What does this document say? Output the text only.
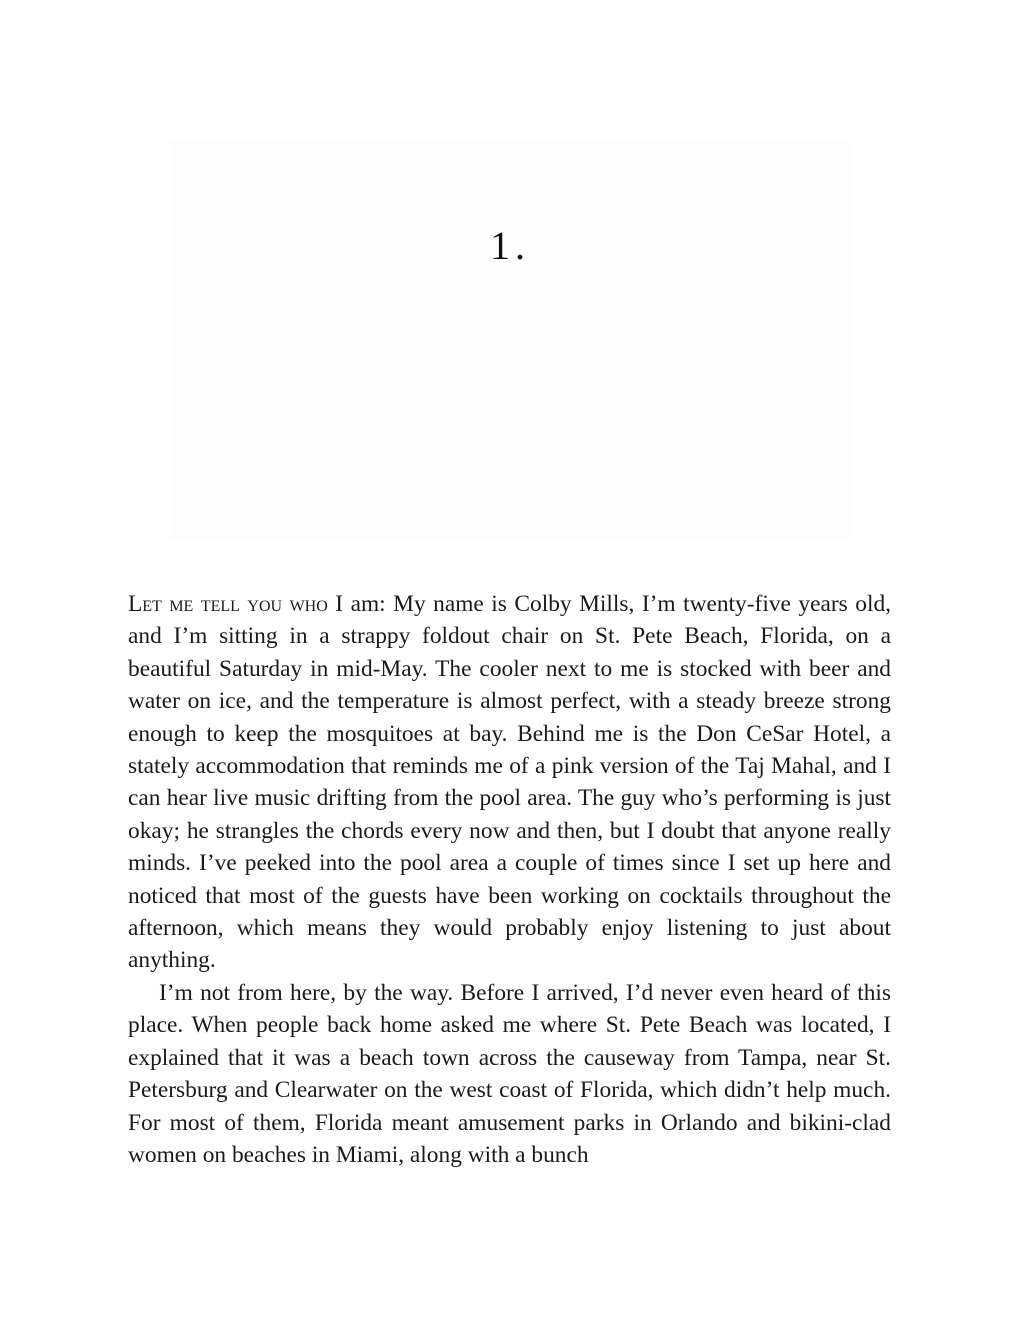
1.

Let me tell you who I am: My name is Colby Mills, I’m twenty-five years old, and I’m sitting in a strappy foldout chair on St. Pete Beach, Florida, on a beautiful Saturday in mid-May. The cooler next to me is stocked with beer and water on ice, and the temperature is almost perfect, with a steady breeze strong enough to keep the mosquitoes at bay. Behind me is the Don CeSar Hotel, a stately accommodation that reminds me of a pink version of the Taj Mahal, and I can hear live music drifting from the pool area. The guy who’s performing is just okay; he strangles the chords every now and then, but I doubt that anyone really minds. I’ve peeked into the pool area a couple of times since I set up here and noticed that most of the guests have been working on cocktails throughout the afternoon, which means they would probably enjoy listening to just about anything.

I’m not from here, by the way. Before I arrived, I’d never even heard of this place. When people back home asked me where St. Pete Beach was located, I explained that it was a beach town across the causeway from Tampa, near St. Petersburg and Clearwater on the west coast of Florida, which didn’t help much. For most of them, Florida meant amusement parks in Orlando and bikini-clad women on beaches in Miami, along with a bunch
